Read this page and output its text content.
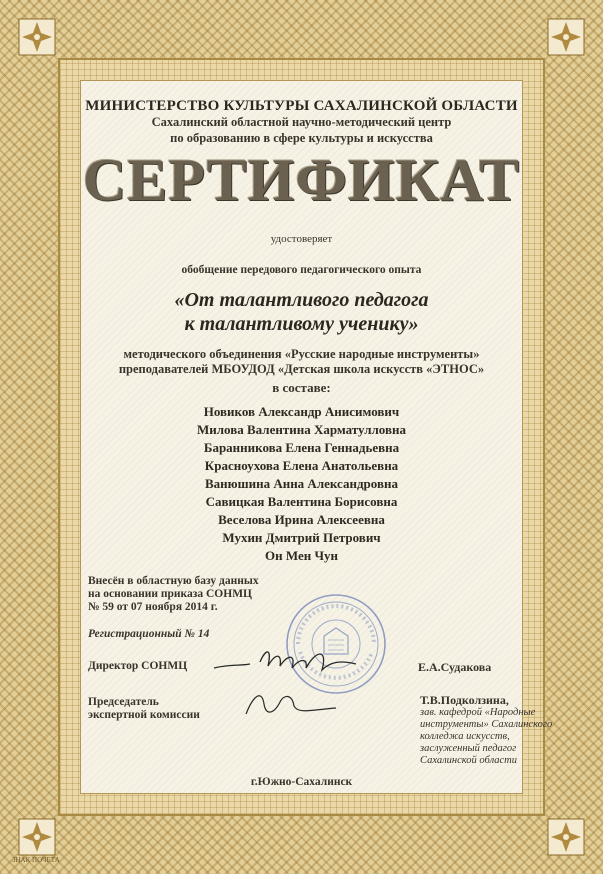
МИНИСТЕРСТВО КУЛЬТУРЫ САХАЛИНСКОЙ ОБЛАСТИ
Сахалинский областной научно-методический центр
по образованию в сфере культуры и искусства
СЕРТИФИКАТ
удостоверяет
обобщение передового педагогического опыта
«От талантливого педагога
к талантливому ученику»
методического объединения «Русские народные инструменты»
преподавателей МБОУДОД «Детская школа искусств «ЭТНОС»
в составе:
Новиков Александр Анисимович
Милова Валентина Харматулловна
Баранникова Елена Геннадьевна
Красноухова Елена Анатольевна
Ванюшина Анна Александровна
Савицкая Валентина Борисовна
Веселова Ирина Алексеевна
Мухин Дмитрий Петрович
Он Мен Чун
Внесён в областную базу данных
на основании приказа СОНМЦ
№ 59 от 07 ноября 2014 г.
Регистрационный № 14
Директор СОНМЦ	Е.А.Судакова
Председатель
экспертной комиссии
Т.В.Подколзина,
зав. кафедрой «Народные
инструменты» Сахалинского
колледжа искусств,
заслуженный педагог
Сахалинской области
г.Южно-Сахалинск
ЗНАК ПОЧЕТА
